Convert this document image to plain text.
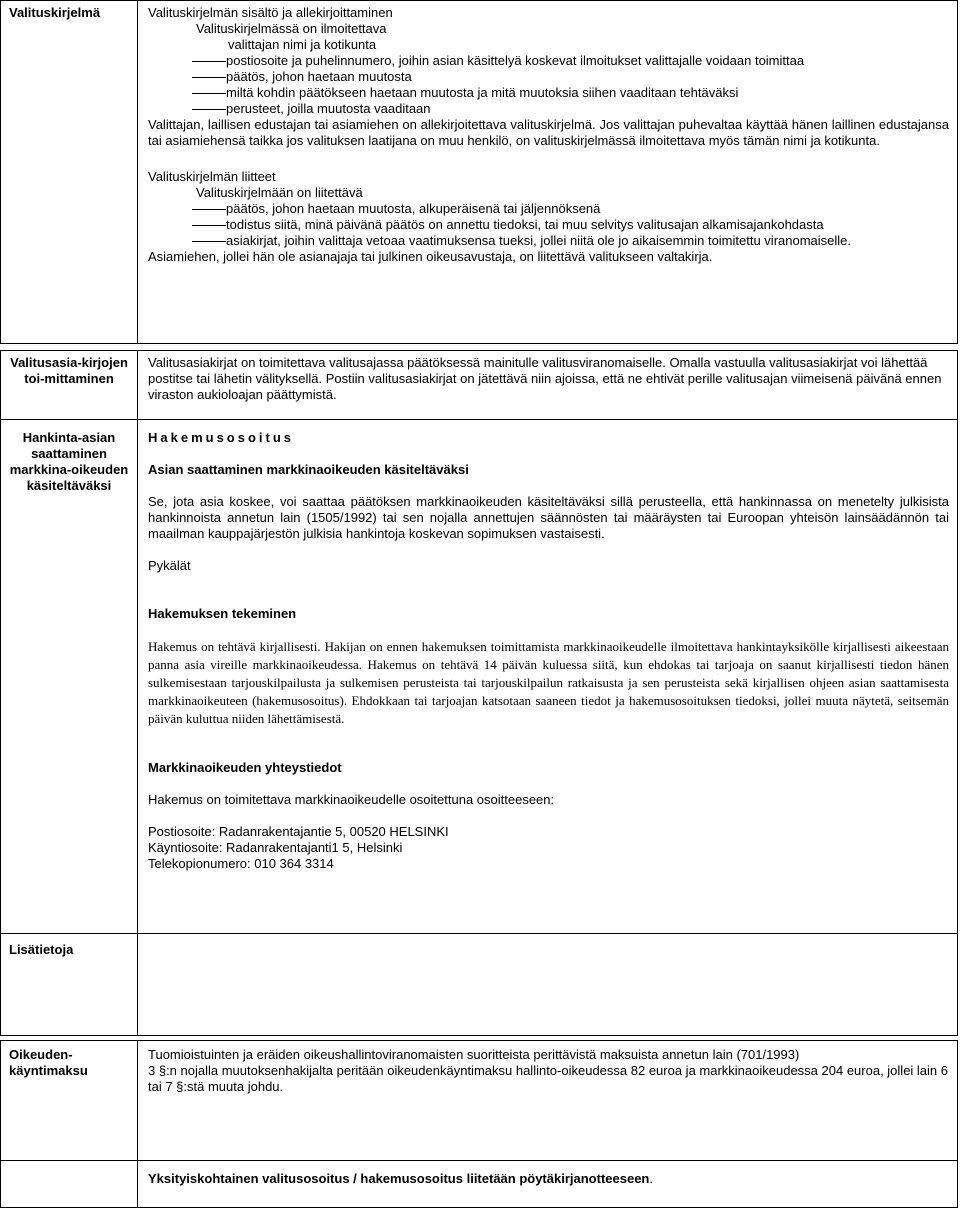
Valituskirjelmä	Valituskirjelmän sisältö ja allekirjoittaminen

Valituskirjelmässä on ilmoitettava

valittajan nimi ja kotikunta

postiosoite ja puhelinnumero, joihin asian käsittelyä koskevat ilmoitukset valittajalle voidaan toimittaa
päätös, johon haetaan muutosta
miltä kohdin päätökseen haetaan muutosta ja mitä muutoksia siihen vaaditaan tehtäväksi
perusteet, joilla muutosta vaaditaan

Valittajan, laillisen edustajan tai asiamiehen on allekirjoitettava valituskirjelmä. Jos valittajan puhevaltaa käyttää hänen laillinen edustajansa tai asiamiehensä taikka jos valituksen laatijana on muu henkilö, on valituskirjelmässä ilmoitettava myös tämän nimi ja kotikunta.

Valituskirjelmän liitteet

Valituskirjelmään on liitettävä

päätös, johon haetaan muutosta, alkuperäisenä tai jäljennöksenä
todistus siitä, minä päivänä päätös on annettu tiedoksi, tai muu selvitys valitusajan alkamisajankohdasta
asiakirjat, joihin valittaja vetoaa vaatimuksensa tueksi, jollei niitä ole jo aikaisemmin toimitettu viranomaiselle.

Asiamiehen, jollei hän ole asianajaja tai julkinen oikeusavustaja, on liitettävä valitukseen valtakirja.

Valitusasia-kirjojen toi-mittaminen

Valitusasiakirjat on toimitettava valitusajassa päätöksessä mainitulle valitusviranomaiselle. Omalla vastuulla valitusasiakirjat voi lähettää postitse tai lähetin välityksellä. Postiin valitusasiakirjat on jätettävä niin ajoissa, että ne ehtivät perille valitusajan viimeisenä päivänä ennen viraston aukioloajan päättymistä.

Hankinta-asian saattaminen markkina-oikeuden käsiteltäväksi

Hakemusosoitus

Asian saattaminen markkinaoikeuden käsiteltäväksi

Se, jota asia koskee, voi saattaa päätöksen markkinaoikeuden käsiteltäväksi sillä perusteella, että hankinnassa on menetelty julkisista hankinnoista annetun lain (1505/1992) tai sen nojalla annettujen säännösten tai määräysten tai Euroopan yhteisön lainsäädännön tai maailman kauppajärjestön julkisia hankintoja koskevan sopimuksen vastaisesti.

Pykälät

Hakemuksen tekeminen

Hakemus on tehtävä kirjallisesti. Hakijan on ennen hakemuksen toimittamista markkinaoikeudelle ilmoitettava hankintayksikölle kirjallisesti aikeestaan panna asia vireille markkinaoikeudessa. Hakemus on tehtävä 14 päivän kuluessa siitä, kun ehdokas tai tarjoaja on saanut kirjallisesti tiedon hänen sulkemisestaan tarjouskilpailusta ja sulkemisen perusteista tai tarjouskilpailun ratkaisusta ja sen perusteista sekä kirjallisen ohjeen asian saattamisesta markkinaoikeuteen (hakemusosoitus). Ehdokkaan tai tarjoajan katsotaan saaneen tiedot ja hakemusosoituksen tiedoksi, jollei muuta näytetä, seitsemän päivän kuluttua niiden lähettämisestä.

Markkinaoikeuden yhteystiedot

Hakemus on toimitettava markkinaoikeudelle osoitettuna osoitteeseen:

Postiosoite: Radanrakentajantie 5, 00520 HELSINKI

Käyntiosoite: Radanrakentajanti1 5, Helsinki

Telekopionumero: 010 364 3314

Lisätietoja
Oikeuden-käyntimaksu

Tuomioistuinten ja eräiden oikeushallintoviranomaisten suoritteista perittävistä maksuista annetun lain (701/1993)

3 §:n nojalla muutoksenhakijalta peritään oikeudenkäyntimaksu hallinto-oikeudessa 82 euroa ja markkinaoikeudessa 204 euroa, jollei lain 6 tai 7 §:stä muuta johdu.

Yksityiskohtainen valitusosoitus / hakemusosoitus liitetään pöytäkirjanotteeseen.
